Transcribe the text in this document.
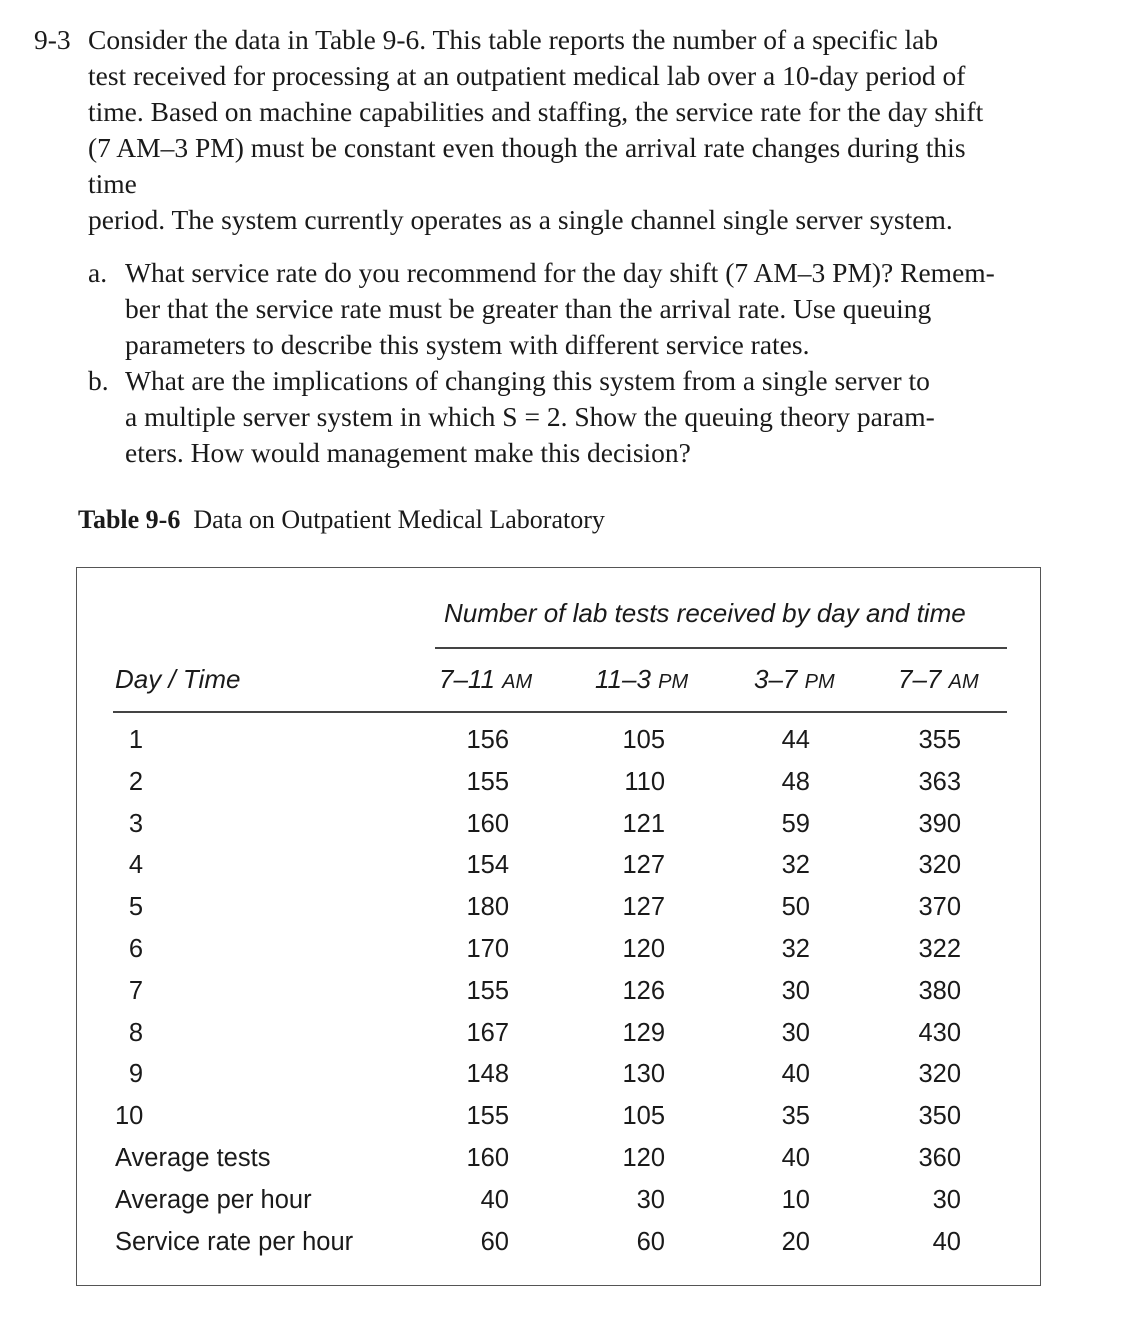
9-3 Consider the data in Table 9-6. This table reports the number of a specific lab
test received for processing at an outpatient medical lab over a 10-day period of
time. Based on machine capabilities and staffing, the service rate for the day shift
(7 AM–3 PM) must be constant even though the arrival rate changes during this time
period. The system currently operates as a single channel single server system.
a. What service rate do you recommend for the day shift (7 AM–3 PM)? Remem-
ber that the service rate must be greater than the arrival rate. Use queuing
parameters to describe this system with different service rates.
b. What are the implications of changing this system from a single server to
a multiple server system in which S = 2. Show the queuing theory param-
eters. How would management make this decision?
Table 9-6 Data on Outpatient Medical Laboratory
Number of lab tests received by day and time
Day / Time	7–11 AM 11–3 PM	3–7 PM 7–7 AM
1	156	105	44	355
2	155	110	48	363
3	160	121	59	390
4	154	127	32	320
5	180	127	50	370
6	170	120	32	322
7	155	126	30	380
8	167	129	30	430
9	148	130	40	320
10	155	105	35	350
Average tests	160	120	40	360
Average per hour	40	30	10	30
Service rate per hour	60	60	20	40
